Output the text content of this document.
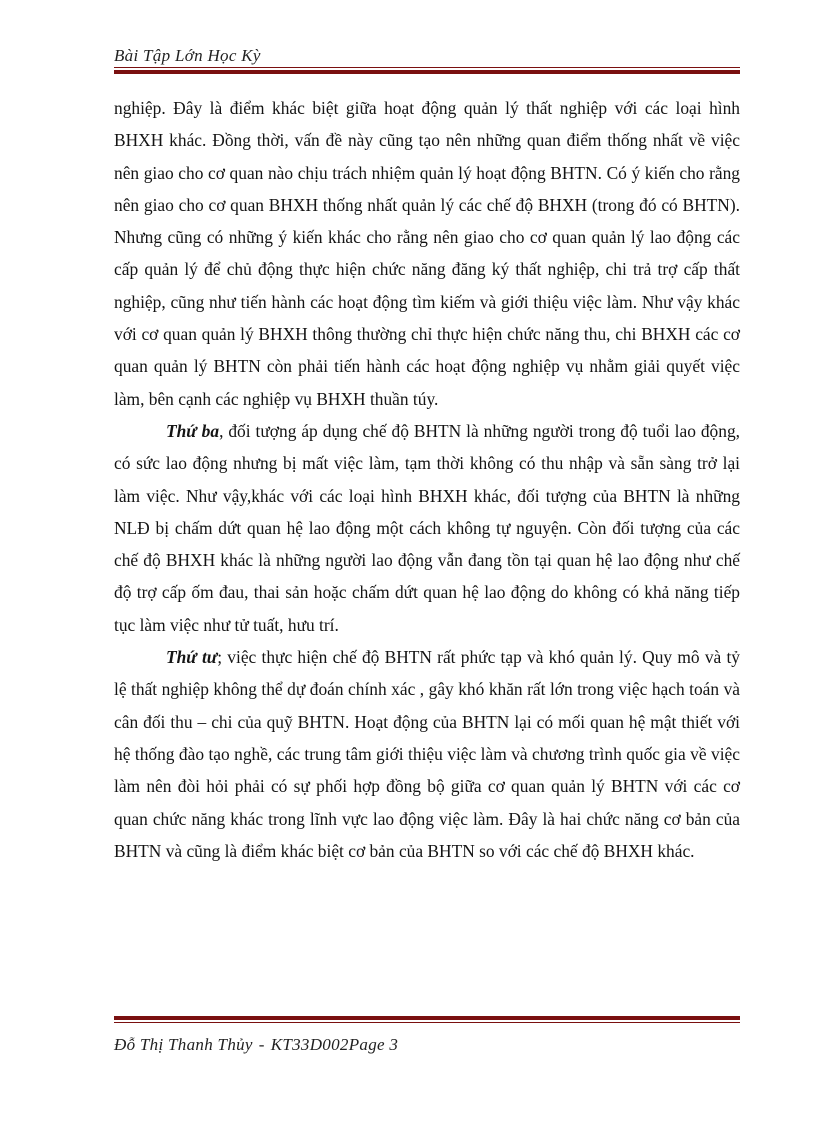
Bài Tập Lớn Học Kỳ

nghiệp. Đây là điểm khác biệt giữa hoạt động quản lý thất nghiệp với các loại hình BHXH khác. Đồng thời, vấn đề này cũng tạo nên những quan điểm thống nhất về việc nên giao cho cơ quan nào chịu trách nhiệm quản lý hoạt động BHTN. Có ý kiến cho rằng nên giao cho cơ quan BHXH thống nhất quản lý các chế độ BHXH (trong đó có BHTN). Nhưng cũng có những ý kiến khác cho rằng nên giao cho cơ quan quản lý lao động các cấp quản lý để chủ động thực hiện chức năng đăng ký thất nghiệp, chi trả trợ cấp thất nghiệp, cũng như tiến hành các hoạt động tìm kiếm và giới thiệu việc làm. Như vậy khác với cơ quan quản lý BHXH thông thường chỉ thực hiện chức năng thu, chi BHXH các cơ quan quản lý BHTN còn phải tiến hành các hoạt động nghiệp vụ nhằm giải quyết việc làm, bên cạnh các nghiệp vụ BHXH thuần túy.

Thứ ba, đối tượng áp dụng chế độ BHTN là những người trong độ tuổi lao động, có sức lao động nhưng bị mất việc làm, tạm thời không có thu nhập và sẵn sàng trở lại làm việc. Như vậy,khác với các loại hình BHXH khác, đối tượng của BHTN là những NLĐ bị chấm dứt quan hệ lao động một cách không tự nguyện. Còn đối tượng của các chế độ BHXH khác là những người lao động vẫn đang tồn tại quan hệ lao động như chế độ trợ cấp ốm đau, thai sản hoặc chấm dứt quan hệ lao động do không có khả năng tiếp tục làm việc như tử tuất, hưu trí.

Thứ tư; việc thực hiện chế độ BHTN rất phức tạp và khó quản lý. Quy mô và tỷ lệ thất nghiệp không thể dự đoán chính xác , gây khó khăn rất lớn trong việc hạch toán và cân đối thu – chi của quỹ BHTN. Hoạt động của BHTN lại có mối quan hệ mật thiết với hệ thống đào tạo nghề, các trung tâm giới thiệu việc làm và chương trình quốc gia về việc làm nên đòi hỏi phải có sự phối hợp đồng bộ giữa cơ quan quản lý BHTN với các cơ quan chức năng khác trong lĩnh vực lao động việc làm. Đây là hai chức năng cơ bản của BHTN và cũng là điểm khác biệt cơ bản của BHTN so với các chế độ BHXH khác.

Đỗ Thị Thanh Thủy - KT33D002Page 3
